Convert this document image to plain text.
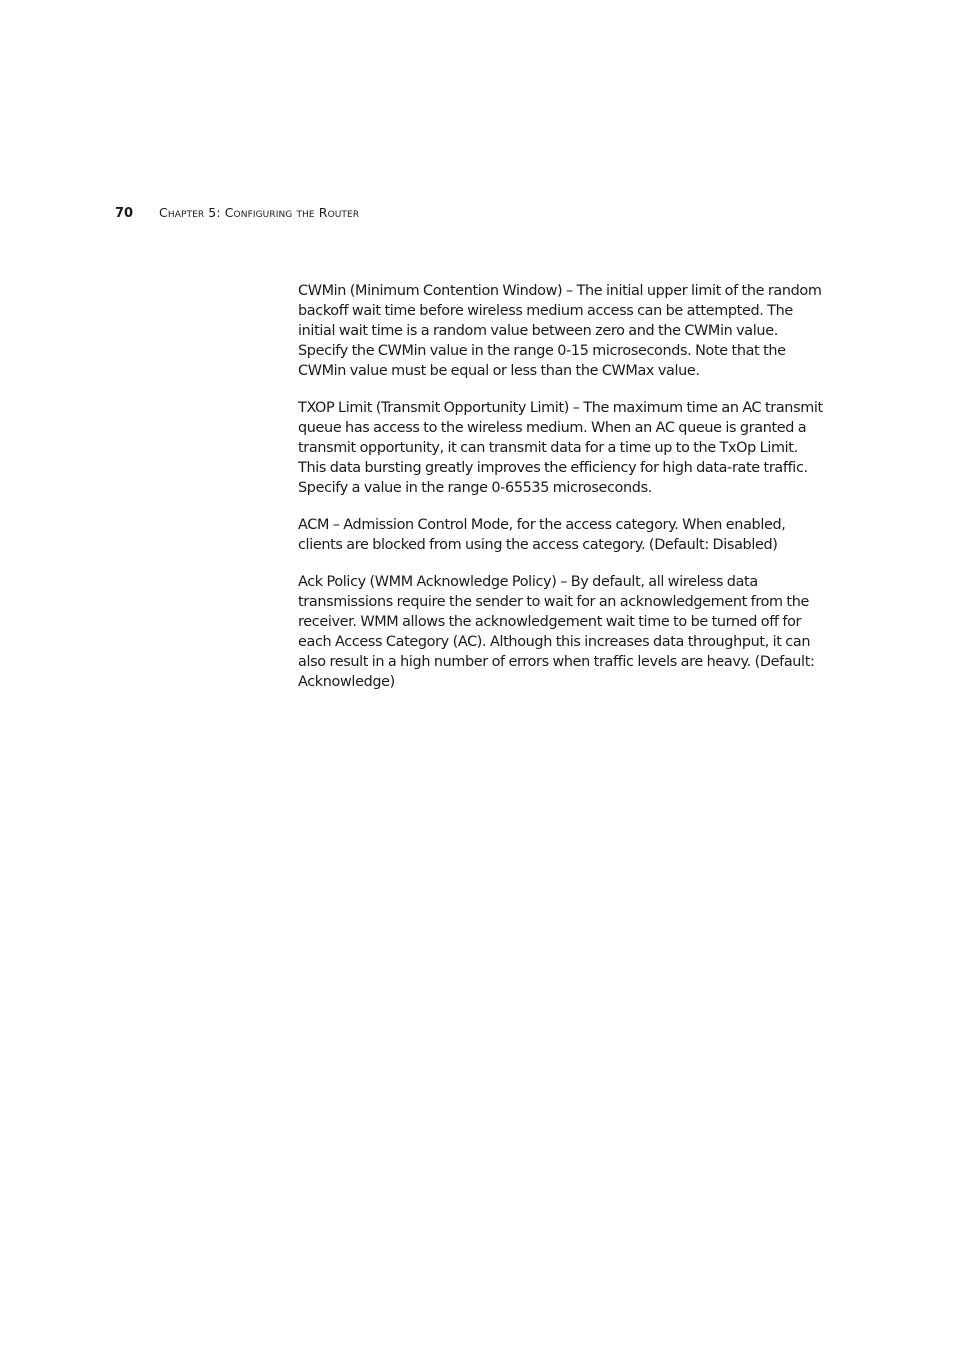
70	Chapter 5: Configuring the Router

CWMin (Minimum Contention Window) – The initial upper limit of the random backoff wait time before wireless medium access can be attempted. The initial wait time is a random value between zero and the CWMin value. Specify the CWMin value in the range 0-15 microseconds. Note that the CWMin value must be equal or less than the CWMax value.

TXOP Limit (Transmit Opportunity Limit) – The maximum time an AC transmit queue has access to the wireless medium. When an AC queue is granted a transmit opportunity, it can transmit data for a time up to the TxOp Limit. This data bursting greatly improves the efficiency for high data-rate traffic. Specify a value in the range 0-65535 microseconds.

ACM – Admission Control Mode, for the access category. When enabled, clients are blocked from using the access category. (Default: Disabled)

Ack Policy (WMM Acknowledge Policy) – By default, all wireless data transmissions require the sender to wait for an acknowledgement from the receiver. WMM allows the acknowledgement wait time to be turned off for each Access Category (AC). Although this increases data throughput, it can also result in a high number of errors when traffic levels are heavy. (Default: Acknowledge)
